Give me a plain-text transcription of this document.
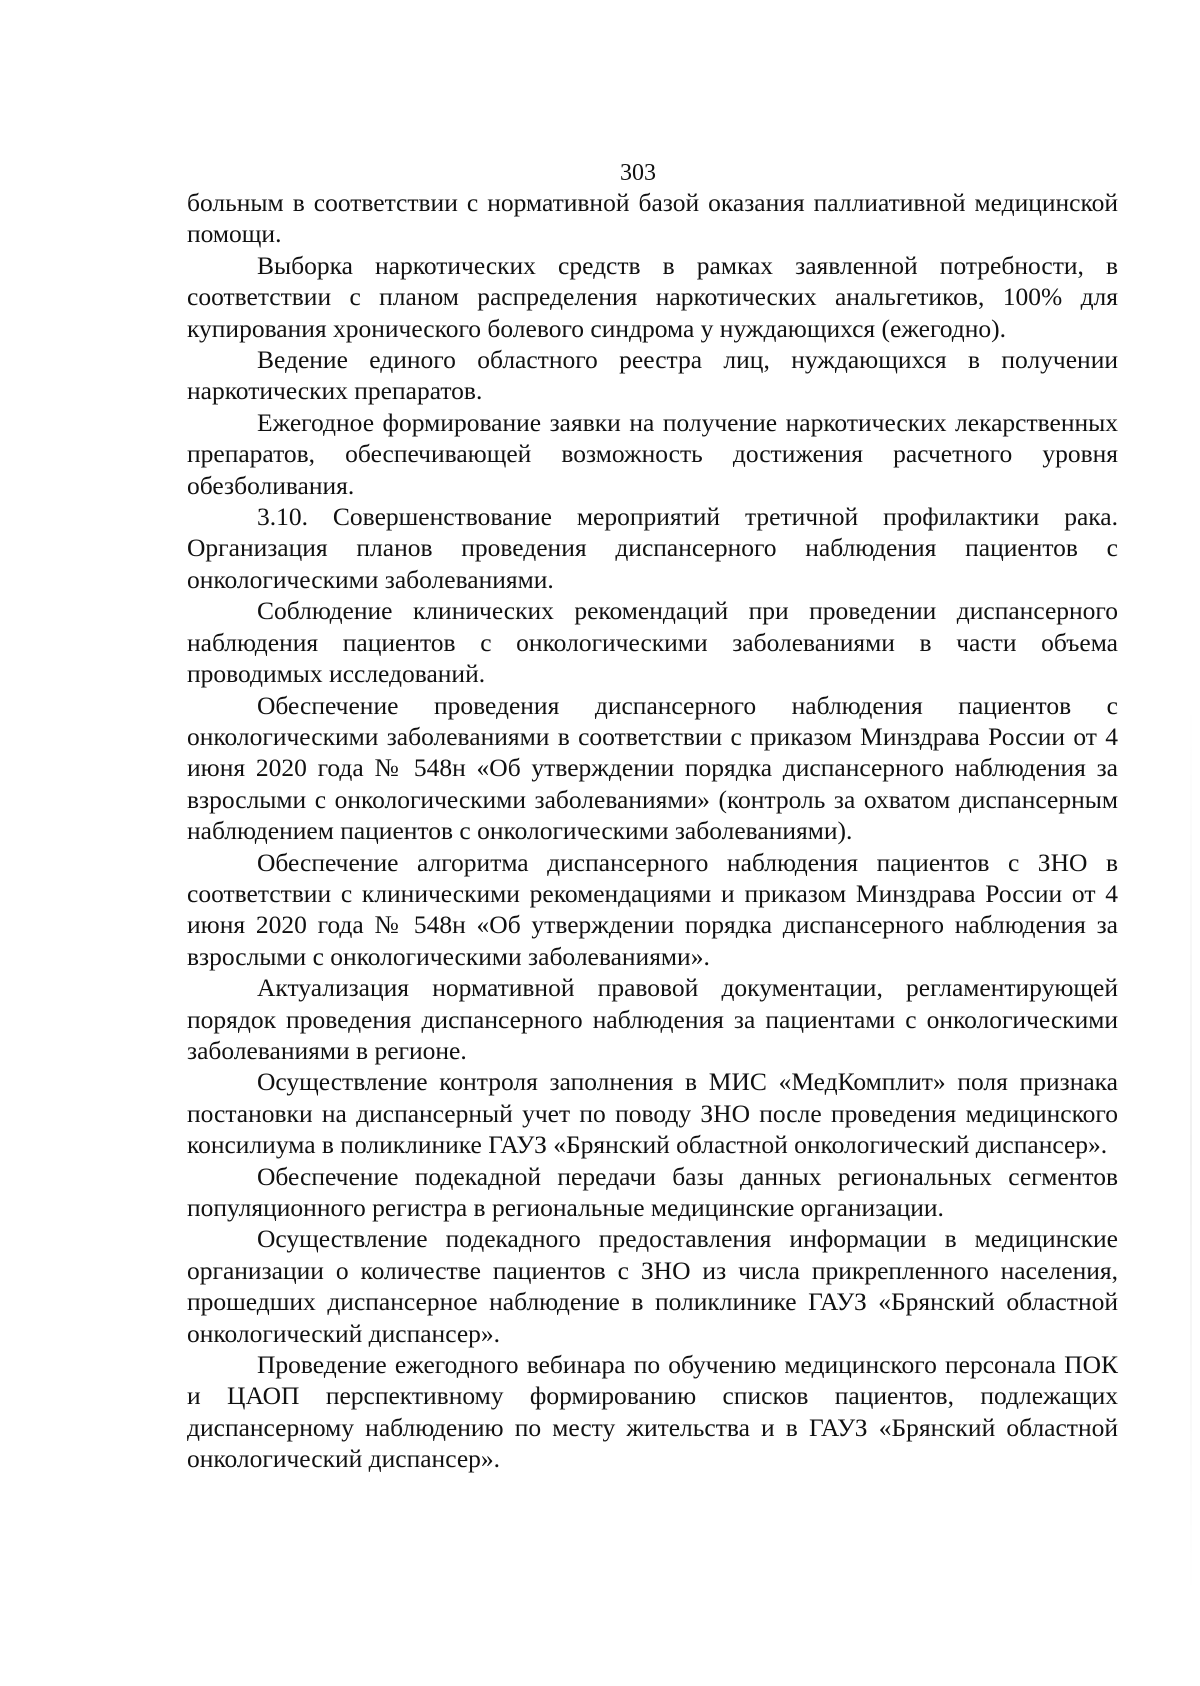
303

больным в соответствии с нормативной базой оказания паллиативной медицинской помощи.

Выборка наркотических средств в рамках заявленной потребности, в соответствии с планом распределения наркотических анальгетиков, 100% для купирования хронического болевого синдрома у нуждающихся (ежегодно).

Ведение единого областного реестра лиц, нуждающихся в получении наркотических препаратов.

Ежегодное формирование заявки на получение наркотических лекарственных препаратов, обеспечивающей возможность достижения расчетного уровня обезболивания.

3.10. Совершенствование мероприятий третичной профилактики рака. Организация планов проведения диспансерного наблюдения пациентов с онкологическими заболеваниями.

Соблюдение клинических рекомендаций при проведении диспансерного наблюдения пациентов с онкологическими заболеваниями в части объема проводимых исследований.

Обеспечение проведения диспансерного наблюдения пациентов с онкологическими заболеваниями в соответствии с приказом Минздрава России от 4 июня 2020 года № 548н «Об утверждении порядка диспансерного наблюдения за взрослыми с онкологическими заболеваниями» (контроль за охватом диспансерным наблюдением пациентов с онкологическими заболеваниями).

Обеспечение алгоритма диспансерного наблюдения пациентов с ЗНО в соответствии с клиническими рекомендациями и приказом Минздрава России от 4 июня 2020 года № 548н «Об утверждении порядка диспансерного наблюдения за взрослыми с онкологическими заболеваниями».

Актуализация нормативной правовой документации, регламентирующей порядок проведения диспансерного наблюдения за пациентами с онкологическими заболеваниями в регионе.

Осуществление контроля заполнения в МИС «МедКомплит» поля признака постановки на диспансерный учет по поводу ЗНО после проведения медицинского консилиума в поликлинике ГАУЗ «Брянский областной онкологический диспансер».

Обеспечение подекадной передачи базы данных региональных сегментов популяционного регистра в региональные медицинские организации.

Осуществление подекадного предоставления информации в медицинские организации о количестве пациентов с ЗНО из числа прикрепленного населения, прошедших диспансерное наблюдение в поликлинике ГАУЗ «Брянский областной онкологический диспансер».

Проведение ежегодного вебинара по обучению медицинского персонала ПОК и ЦАОП перспективному формированию списков пациентов, подлежащих диспансерному наблюдению по месту жительства и в ГАУЗ «Брянский областной онкологический диспансер».
